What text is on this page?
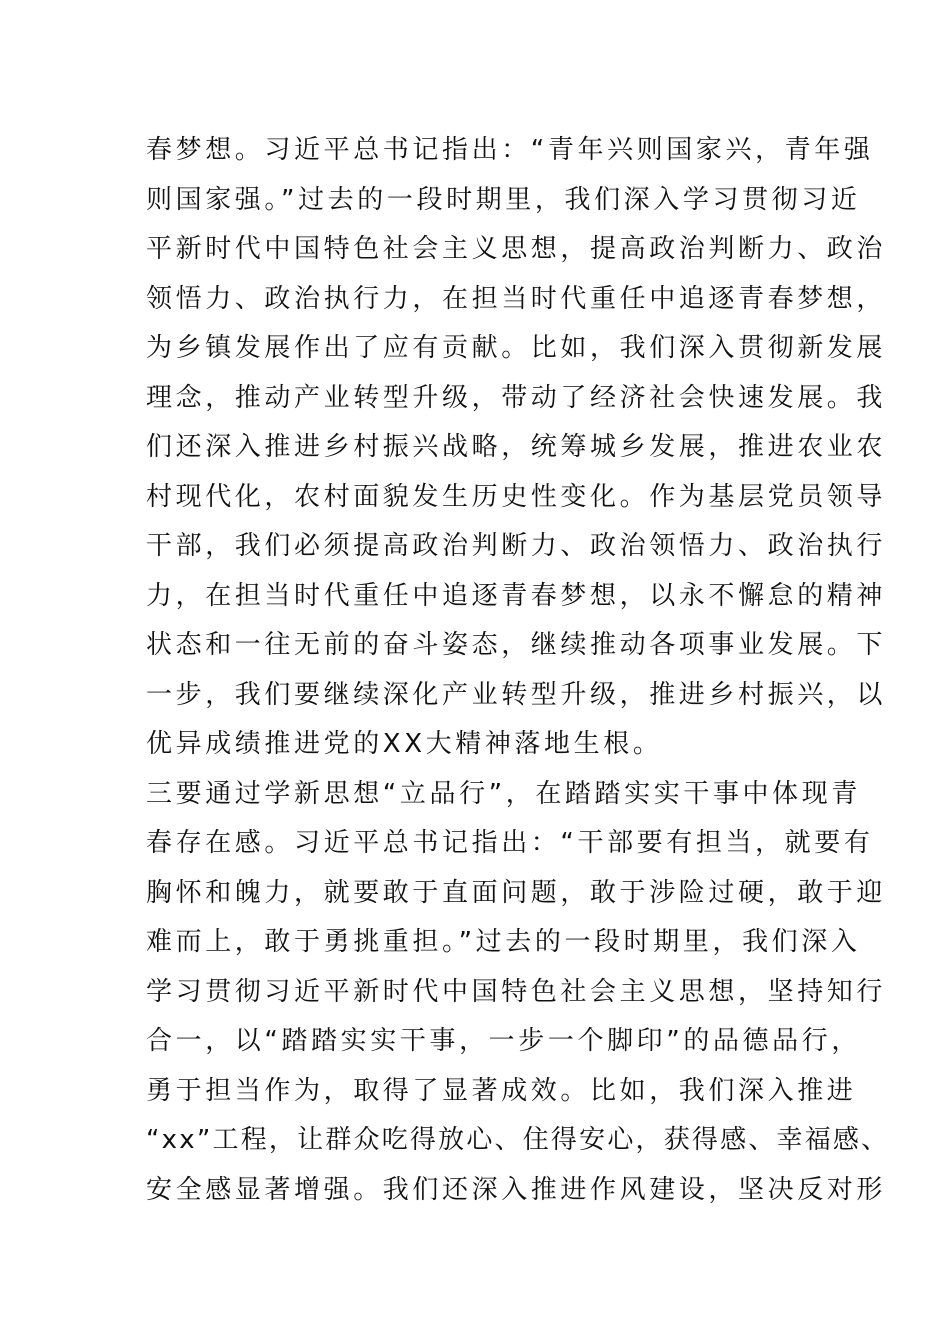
春梦想。习近平总书记指出：“青年兴则国家兴，青年强
则国家强。”过去的一段时期里，我们深入学习贯彻习近
平新时代中国特色社会主义思想，提高政治判断力、政治
领悟力、政治执行力，在担当时代重任中追逐青春梦想，
为乡镇发展作出了应有贡献。比如，我们深入贯彻新发展
理念，推动产业转型升级，带动了经济社会快速发展。我
们还深入推进乡村振兴战略，统筹城乡发展，推进农业农
村现代化，农村面貌发生历史性变化。作为基层党员领导
干部，我们必须提高政治判断力、政治领悟力、政治执行
力，在担当时代重任中追逐青春梦想，以永不懈怠的精神
状态和一往无前的奋斗姿态，继续推动各项事业发展。下
一步，我们要继续深化产业转型升级，推进乡村振兴，以
优异成绩推进党的XX大精神落地生根。
三要通过学新思想“立品行”，在踏踏实实干事中体现青
春存在感。习近平总书记指出：“干部要有担当，就要有
胸怀和魄力，就要敢于直面问题，敢于涉险过硬，敢于迎
难而上，敢于勇挑重担。”过去的一段时期里，我们深入
学习贯彻习近平新时代中国特色社会主义思想，坚持知行
合一，以“踏踏实实干事，一步一个脚印”的品德品行，
勇于担当作为，取得了显著成效。比如，我们深入推进
“xx”工程，让群众吃得放心、住得安心，获得感、幸福感、
安全感显著增强。我们还深入推进作风建设，坚决反对形
